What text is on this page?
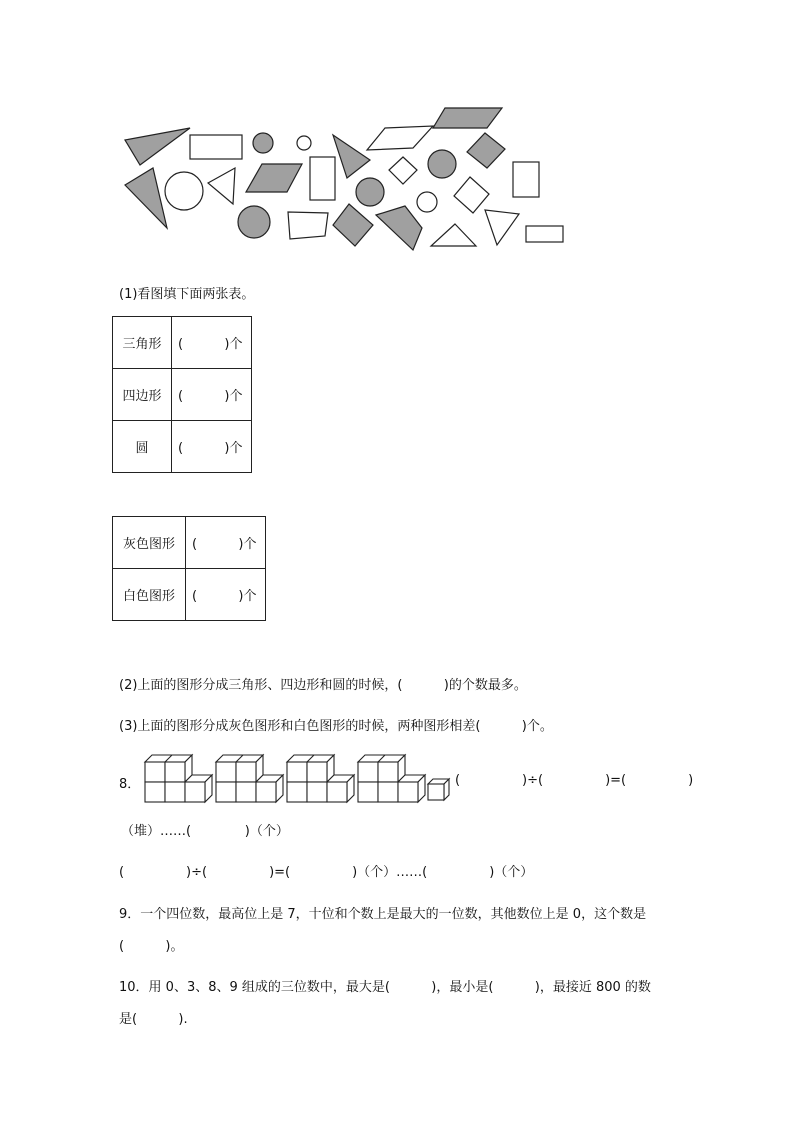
(1)看图填下面两张表。
三角形	(          )个
四边形	(          )个
圆	(          )个
灰色图形	(          )个
白色图形	(          )个
(2)上面的图形分成三角形、四边形和圆的时候，(          )的个数最多。
(3)上面的图形分成灰色图形和白色图形的时候，两种图形相差(          )个。
8．	(               )÷(               )=(               )
（堆）……(             )（个）
(               )÷(               )=(               )（个）……(               )（个）
9．一个四位数，最高位上是 7，十位和个数上是最大的一位数，其他数位上是 0，这个数是
(          )。
10．用 0、3、8、9 组成的三位数中，最大是(          )，最小是(          )，最接近 800 的数
是(          ).
